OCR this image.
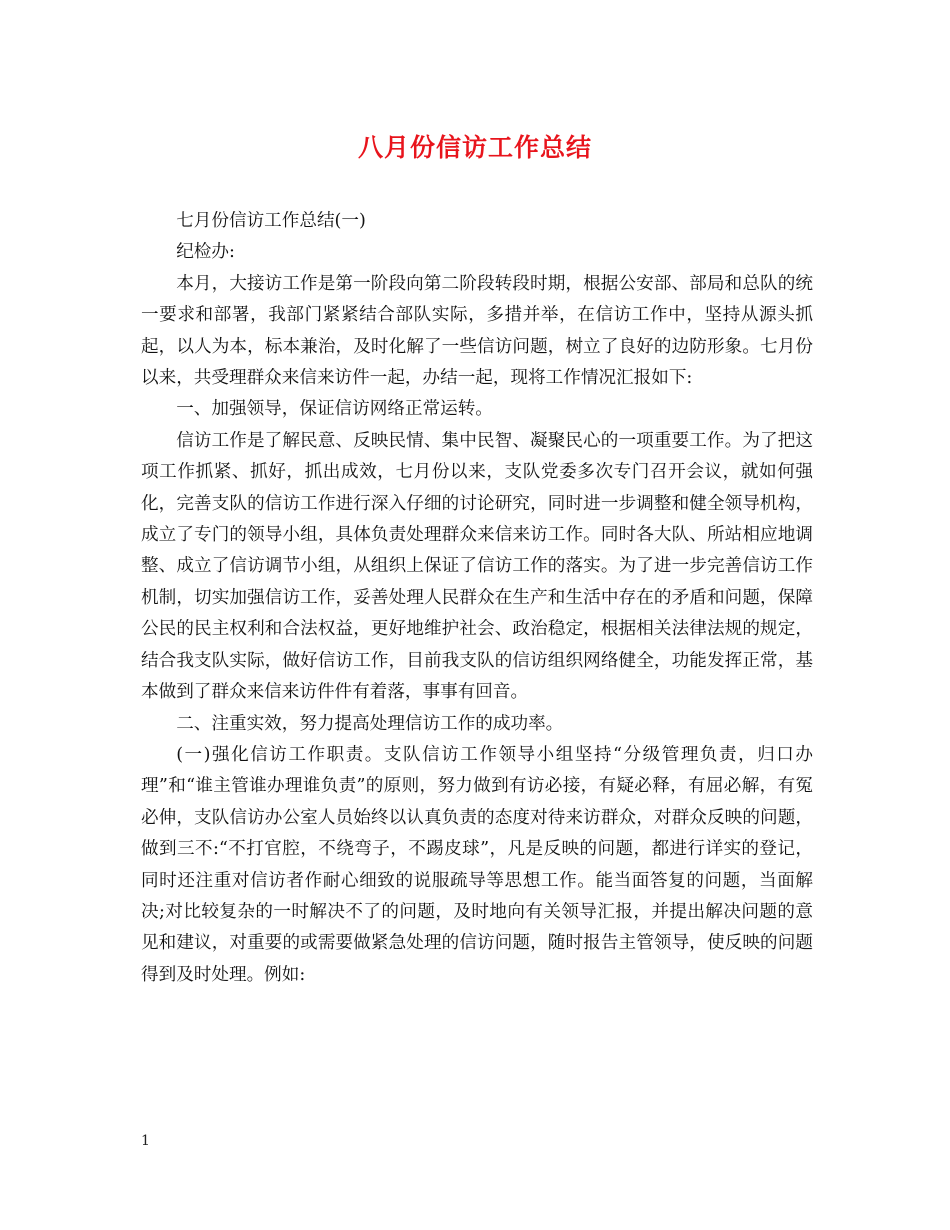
八月份信访工作总结

七月份信访工作总结(一)

纪检办:

本月，大接访工作是第一阶段向第二阶段转段时期，根据公安部、部局和总队的统一要求和部署，我部门紧紧结合部队实际，多措并举，在信访工作中，坚持从源头抓起，以人为本，标本兼治，及时化解了一些信访问题，树立了良好的边防形象。七月份以来，共受理群众来信来访件一起，办结一起，现将工作情况汇报如下:

一、加强领导，保证信访网络正常运转。

信访工作是了解民意、反映民情、集中民智、凝聚民心的一项重要工作。为了把这项工作抓紧、抓好，抓出成效，七月份以来，支队党委多次专门召开会议，就如何强化，完善支队的信访工作进行深入仔细的讨论研究，同时进一步调整和健全领导机构，成立了专门的领导小组，具体负责处理群众来信来访工作。同时各大队、所站相应地调整、成立了信访调节小组，从组织上保证了信访工作的落实。为了进一步完善信访工作机制，切实加强信访工作，妥善处理人民群众在生产和生活中存在的矛盾和问题，保障公民的民主权利和合法权益，更好地维护社会、政治稳定，根据相关法律法规的规定，结合我支队实际，做好信访工作，目前我支队的信访组织网络健全，功能发挥正常，基本做到了群众来信来访件件有着落，事事有回音。

二、注重实效，努力提高处理信访工作的成功率。

(一)强化信访工作职责。支队信访工作领导小组坚持“分级管理负责，归口办理”和“谁主管谁办理谁负责”的原则，努力做到有访必接，有疑必释，有屈必解，有冤必伸，支队信访办公室人员始终以认真负责的态度对待来访群众，对群众反映的问题，做到三不:“不打官腔，不绕弯子，不踢皮球”，凡是反映的问题，都进行详实的登记，同时还注重对信访者作耐心细致的说服疏导等思想工作。能当面答复的问题，当面解决;对比较复杂的一时解决不了的问题，及时地向有关领导汇报，并提出解决问题的意见和建议，对重要的或需要做紧急处理的信访问题，随时报告主管领导，使反映的问题得到及时处理。例如:

1
